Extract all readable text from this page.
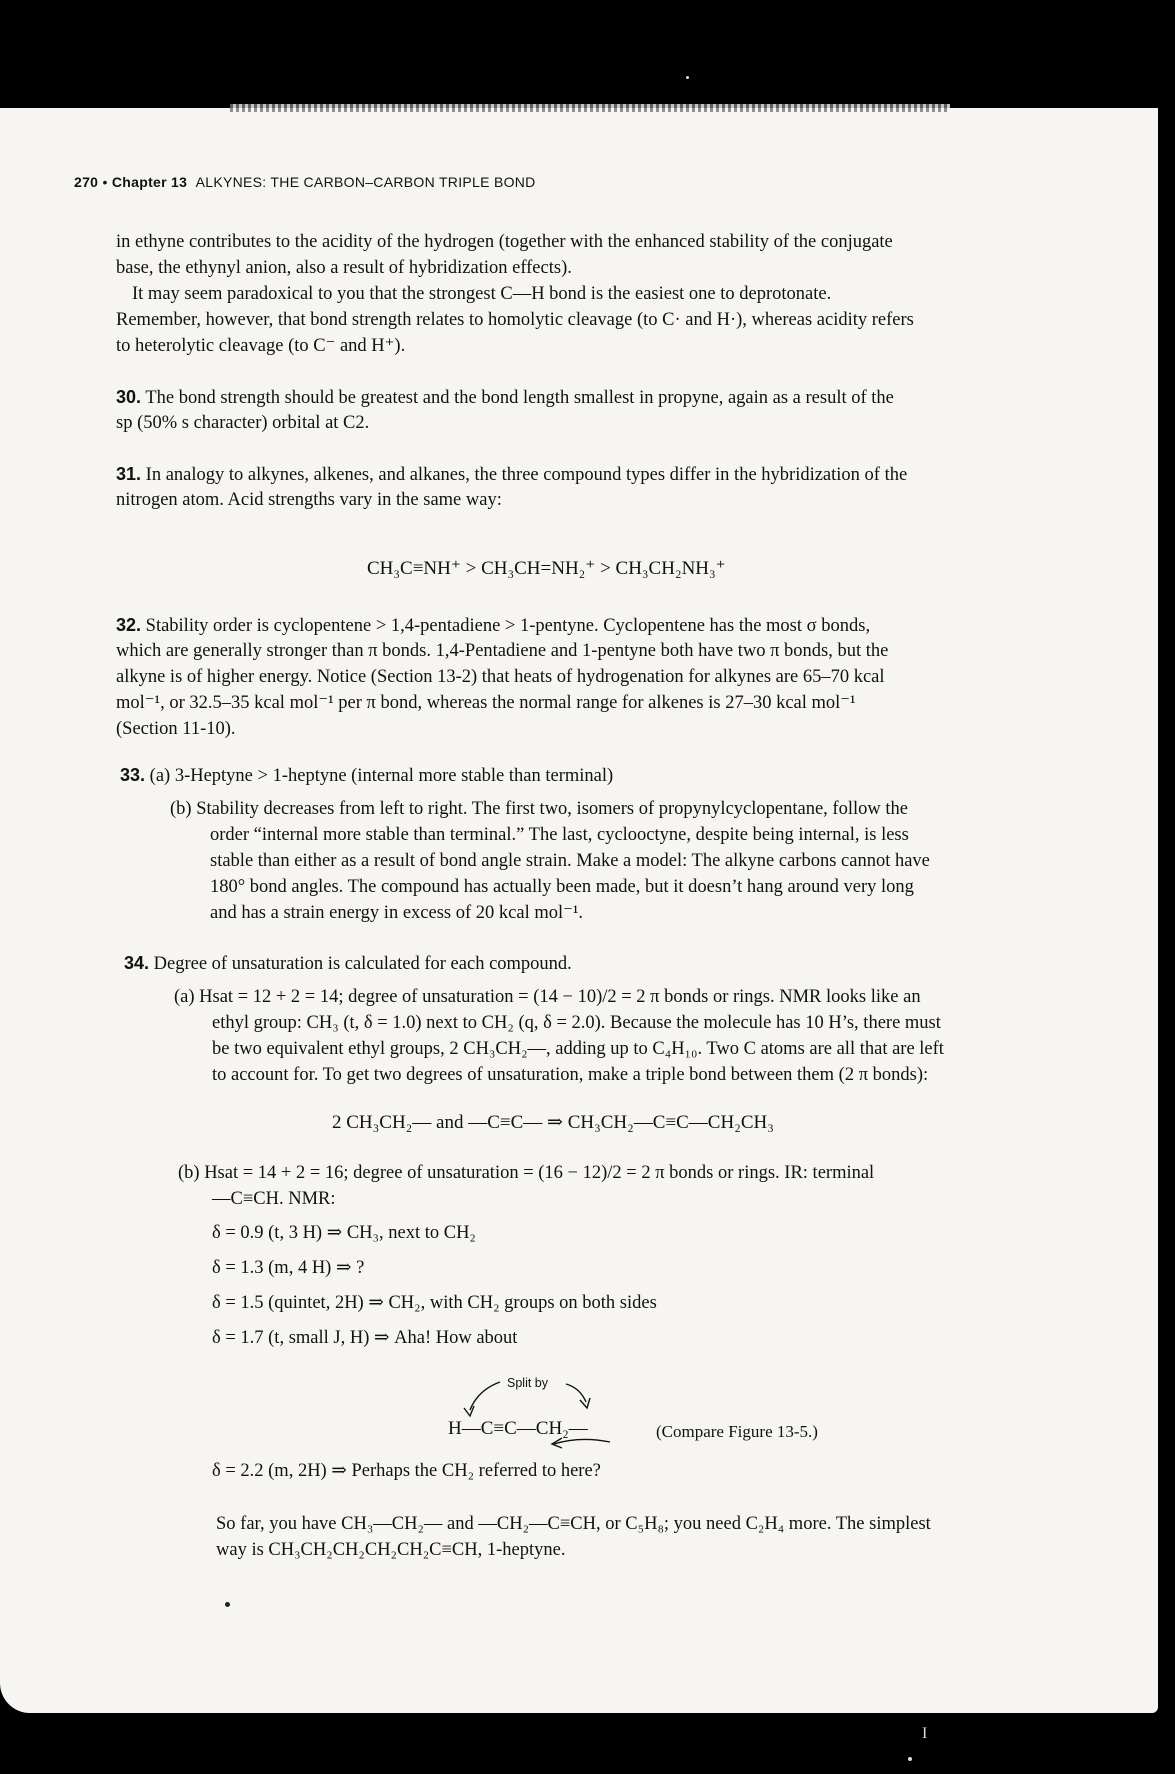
270 • Chapter 13 ALKYNES: THE CARBON–CARBON TRIPLE BOND
in ethyne contributes to the acidity of the hydrogen (together with the enhanced stability of the conjugate
base, the ethynyl anion, also a result of hybridization effects).
It may seem paradoxical to you that the strongest C—H bond is the easiest one to deprotonate.
Remember, however, that bond strength relates to homolytic cleavage (to C· and H·), whereas acidity refers
to heterolytic cleavage (to C⁻ and H⁺).
30. The bond strength should be greatest and the bond length smallest in propyne, again as a result of the
sp (50% s character) orbital at C2.
31. In analogy to alkynes, alkenes, and alkanes, the three compound types differ in the hybridization of the
nitrogen atom. Acid strengths vary in the same way:
CH₃C≡NH⁺ > CH₃CH=NH₂⁺ > CH₃CH₂NH₃⁺
32. Stability order is cyclopentene > 1,4-pentadiene > 1-pentyne. Cyclopentene has the most σ bonds,
which are generally stronger than π bonds. 1,4-Pentadiene and 1-pentyne both have two π bonds, but the
alkyne is of higher energy. Notice (Section 13-2) that heats of hydrogenation for alkynes are 65–70 kcal
mol⁻¹, or 32.5–35 kcal mol⁻¹ per π bond, whereas the normal range for alkenes is 27–30 kcal mol⁻¹
(Section 11-10).
33. (a) 3-Heptyne > 1-heptyne (internal more stable than terminal)
(b) Stability decreases from left to right. The first two, isomers of propynylcyclopentane, follow the
order “internal more stable than terminal.” The last, cyclooctyne, despite being internal, is less
stable than either as a result of bond angle strain. Make a model: The alkyne carbons cannot have
180° bond angles. The compound has actually been made, but it doesn’t hang around very long
and has a strain energy in excess of 20 kcal mol⁻¹.
34. Degree of unsaturation is calculated for each compound.
(a) Hsat = 12 + 2 = 14; degree of unsaturation = (14 − 10)/2 = 2 π bonds or rings. NMR looks like an
ethyl group: CH₃ (t, δ = 1.0) next to CH₂ (q, δ = 2.0). Because the molecule has 10 H’s, there must
be two equivalent ethyl groups, 2 CH₃CH₂—, adding up to C₄H₁₀. Two C atoms are all that are left
to account for. To get two degrees of unsaturation, make a triple bond between them (2 π bonds):
2 CH₃CH₂— and —C≡C— ⇒ CH₃CH₂—C≡C—CH₂CH₃
(b) Hsat = 14 + 2 = 16; degree of unsaturation = (16 − 12)/2 = 2 π bonds or rings. IR: terminal
—C≡CH. NMR:
δ = 0.9 (t, 3 H) ⇒ CH₃, next to CH₂
δ = 1.3 (m, 4 H) ⇒ ?
δ = 1.5 (quintet, 2H) ⇒ CH₂, with CH₂ groups on both sides
δ = 1.7 (t, small J, H) ⇒ Aha! How about
Split by
H—C≡C—CH₂—	(Compare Figure 13-5.)
δ = 2.2 (m, 2H) ⇒ Perhaps the CH₂ referred to here?
So far, you have CH₃—CH₂— and —CH₂—C≡CH, or C₅H₈; you need C₂H₄ more. The simplest
way is CH₃CH₂CH₂CH₂CH₂C≡CH, 1-heptyne.
I
